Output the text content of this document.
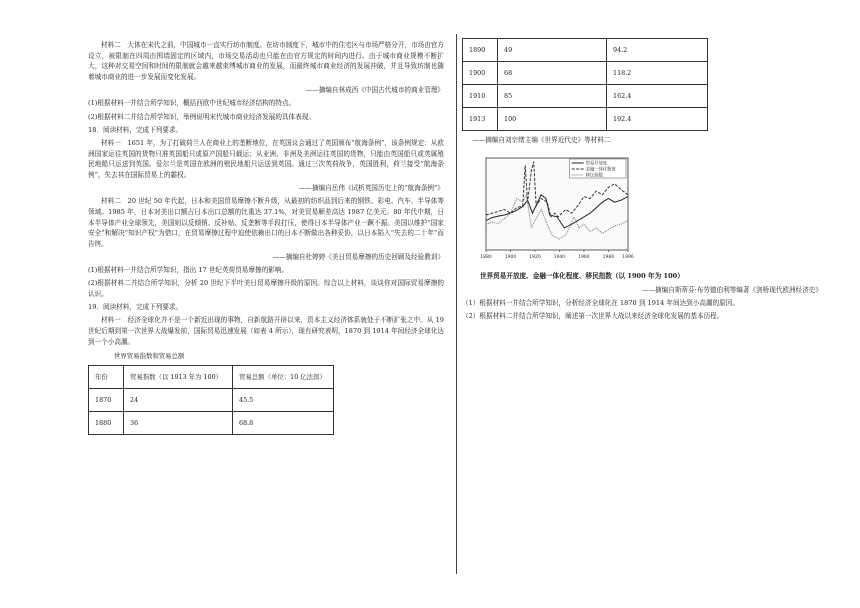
材料二　大体在宋代之前，中国城市一直实行坊市制度。在坊市制度下，城市中的住宅区与市场严格分开，市场由官方设立，被限制在四周由围墙固定的区域内，市场交易活动也只能在由官方规定的时间内进行。由于城市商业规模不断扩大，这种对交易空间和时间的限制就会越来越束缚城市商业的发展，而最终城市商业经济的发展冲破，并且导致坊制也随着城市商业的进一步发展而变化发展。

——摘编自林成西《中国古代城市的商业管理》

(1)根据材料一并结合所学知识，概括西欧中世纪城市经济结构的特点。

(2)根据材料二并结合所学知识，举例说明宋代城市商业经济发展的具体表现。

18．阅读材料，完成下列要求。

材料一　1651 年，为了打破荷兰人在商业上的垄断地位，在英国议会通过了英国颁布“航海条例”，该条例规定：从欧洲国家运往英国的货物只准英国船只或原产国船只载运；从亚洲、非洲及美洲运往英国的货物，只能由英国船只或英属殖民地船只运送到英国。爱尔兰是英国在欧洲的殖民地船只运送到英国。通过三次英荷战争，英国胜利，荷兰接受“航海条例”，失去其在国际贸易上的霸权。

——摘编自岳伟《试析英国历史上的“航海条例”》

材料二　20 世纪 50 年代起，日本和美国贸易摩擦不断升级，从最初的纺织品到后来的钢铁、彩电、汽车、半导体等领域。1985 年，日本对美出口额占日本出口总额的比重达 37.1%，对美贸易顺差高达 1987 亿美元。80 年代中期，日本半导体产业全球领先，美国则以反倾销、反补贴、反垄断等手段打压，使得日本半导体产业一蹶不振。美国以维护“国家安全”和解决“知识产权”为借口，在贸易摩擦过程中迫使依赖出口的日本不断做出各种妥协，以日本陷入“失去的二十年”而告终。

——摘编自杜婷婷《美日贸易摩擦的历史回顾及经验教训》

(1)根据材料一并结合所学知识，指出 17 世纪英荷贸易摩擦的影响。

(2)根据材料二并结合所学知识，分析 20 世纪下半叶美日贸易摩擦升级的原因。综合以上材料，谈谈你对国际贸易摩擦的认识。

19．阅读材料，完成下列要求。

材料一　经济全球化并不是一个新近出现的事物，自新航路开辟以来，资本主义经济体系就处于不断扩张之中。从 19 世纪后期到第一次世界大战爆发前，国际贸易迅速发展（如表 4 所示），现有研究表明，1870 到 1914 年间经济全球化达到一个小高潮。

世界贸易指数和贸易总额
年份	贸易指数（以 1913 年为 100）	贸易总额（单位：10 亿法郎）
1870	24	45.5
1880	36	68.8
1890	49	94.2
1900	68	118.2
1910	85	162.4
1913	100	192.4

——摘编自刘宗绪主编《世界近代史》等材料二

1880	1900	1920	1940	1960	1980 1996
贸易开放度
金融一体化程度
移民指数

世界贸易开放度、金融一体化程度、移民指数（以 1900 年为 100）

——摘编自斯蒂芬·布劳德伯利等编著《剑桥现代欧洲经济史》

（1）根据材料一并结合所学知识，分析经济全球化在 1870 到 1914 年间达到小高潮的原因。

（2）根据材料二并结合所学知识，阐述第一次世界大战以来经济全球化发展的基本历程。
